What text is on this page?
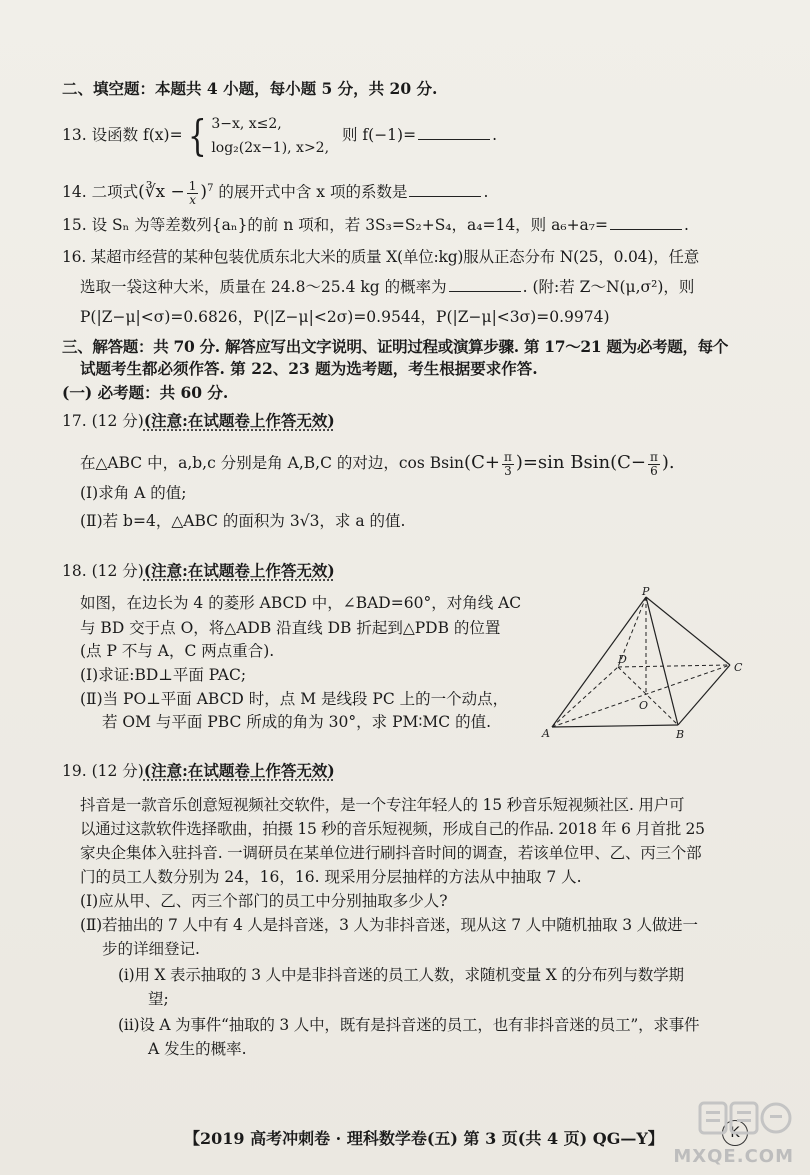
二、填空题：本题共 4 小题，每小题 5 分，共 20 分.
13. 设函数 f(x)= { 3−x, x≤2,
log₂(2x−1), x>2,
则 f(−1)=	.
14. 二项式(∛x − $\frac{1}{x} )^7$ 的展开式中含 x 项的系数是	.
15. 设 Sₙ 为等差数列{aₙ}的前 n 项和，若 3S₃=S₂+S₄，a₄=14，则 a₆+a₇=	.
16. 某超市经营的某种包装优质东北大米的质量 X(单位:kg)服从正态分布 N(25，0.04)，任意
选取一袋这种大米，质量在 24.8～25.4 kg 的概率为	. (附:若 Z～N(μ,σ²)，则
P(|Z−μ|<σ)=0.6826，P(|Z−μ|<2σ)=0.9544，P(|Z−μ|<3σ)=0.9974)
三、解答题：共 70 分. 解答应写出文字说明、证明过程或演算步骤. 第 17～21 题为必考题，每个
试题考生都必须作答. 第 22、23 题为选考题，考生根据要求作答.
(一) 必考题：共 60 分.
17. (12 分)(注意:在试题卷上作答无效)
在△ABC 中，a,b,c 分别是角 A,B,C 的对边，$\cos Bsin(C+ \frac{\pi}{3} )=\sin$ $Bsin(C- \frac{\pi}{6}$ ).
(Ⅰ)求角 A 的值;
(Ⅱ)若 b=4，△ABC 的面积为 3√3，求 a 的值.
18. (12 分)(注意:在试题卷上作答无效)
如图，在边长为 4 的菱形 ABCD 中，∠BAD=60°，对角线 AC
与 BD 交于点 O，将△ADB 沿直线 DB 折起到△PDB 的位置
(点 P 不与 A，C 两点重合).
(Ⅰ)求证:BD⊥平面 PAC;
(Ⅱ)当 PO⊥平面 ABCD 时，点 M 是线段 PC 上的一个动点，
若 OM 与平面 PBC 所成的角为 30°，求 PM∶MC 的值.
P
D
C
O
A	B
19. (12 分)(注意:在试题卷上作答无效)
抖音是一款音乐创意短视频社交软件，是一个专注年轻人的 15 秒音乐短视频社区. 用户可
以通过这款软件选择歌曲，拍摄 15 秒的音乐短视频，形成自己的作品. 2018 年 6 月首批 25
家央企集体入驻抖音. 一调研员在某单位进行刷抖音时间的调查，若该单位甲、乙、丙三个部
门的员工人数分别为 24，16，16. 现采用分层抽样的方法从中抽取 7 人.
(Ⅰ)应从甲、乙、丙三个部门的员工中分别抽取多少人?
(Ⅱ)若抽出的 7 人中有 4 人是抖音迷，3 人为非抖音迷，现从这 7 人中随机抽取 3 人做进一
步的详细登记.
(ⅰ)用 X 表示抽取的 3 人中是非抖音迷的员工人数，求随机变量 X 的分布列与数学期
望;
(ⅱ)设 A 为事件“抽取的 3 人中，既有是抖音迷的员工，也有非抖音迷的员工”，求事件
A 发生的概率.
【2019 高考冲刺卷 · 理科数学卷(五) 第 3 页(共 4 页) QG—Y】	K
MXQE.COM
